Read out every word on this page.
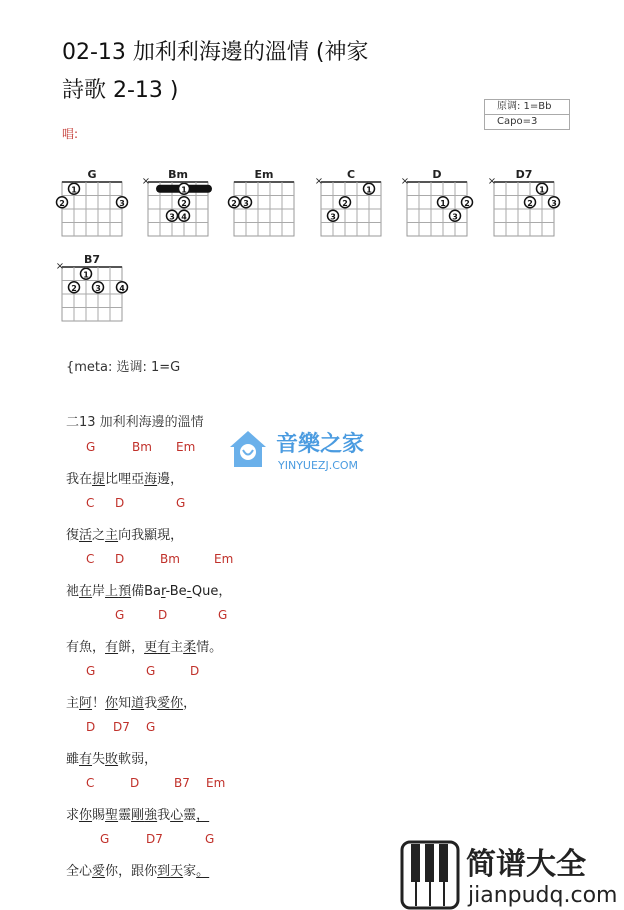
02-13 加利利海邊的溫情 (神家
詩歌 2-13 )
原调: 1=Bb
Capo=3
唱:
G
1
2	3
Bm
×
1
2
3 4
Em
2 3
C
×
1
2
3
D
×
1 2
3
D7
×
1
2 3
B7
×
1
2 3 4
{meta: 选调: 1=G
二13 加利利海邊的溫情
G	Bm Em
我在提比哩亞海邊，
C D	G
復活之主向我顯現，
C D	Bm	Em
祂在岸上預備Bar-Be-Que，
G	D	G
有魚，有餅，更有主柔情。
G	G	D
主阿！你知道我愛你，
D D7 G
雖有失敗軟弱，
C	D	B7 Em
求你賜聖靈剛強我心靈，
G	D7	G
全心愛你，跟你到天家。
音樂之家
YINYUEZJ.COM
简谱大全
jianpudq.com
